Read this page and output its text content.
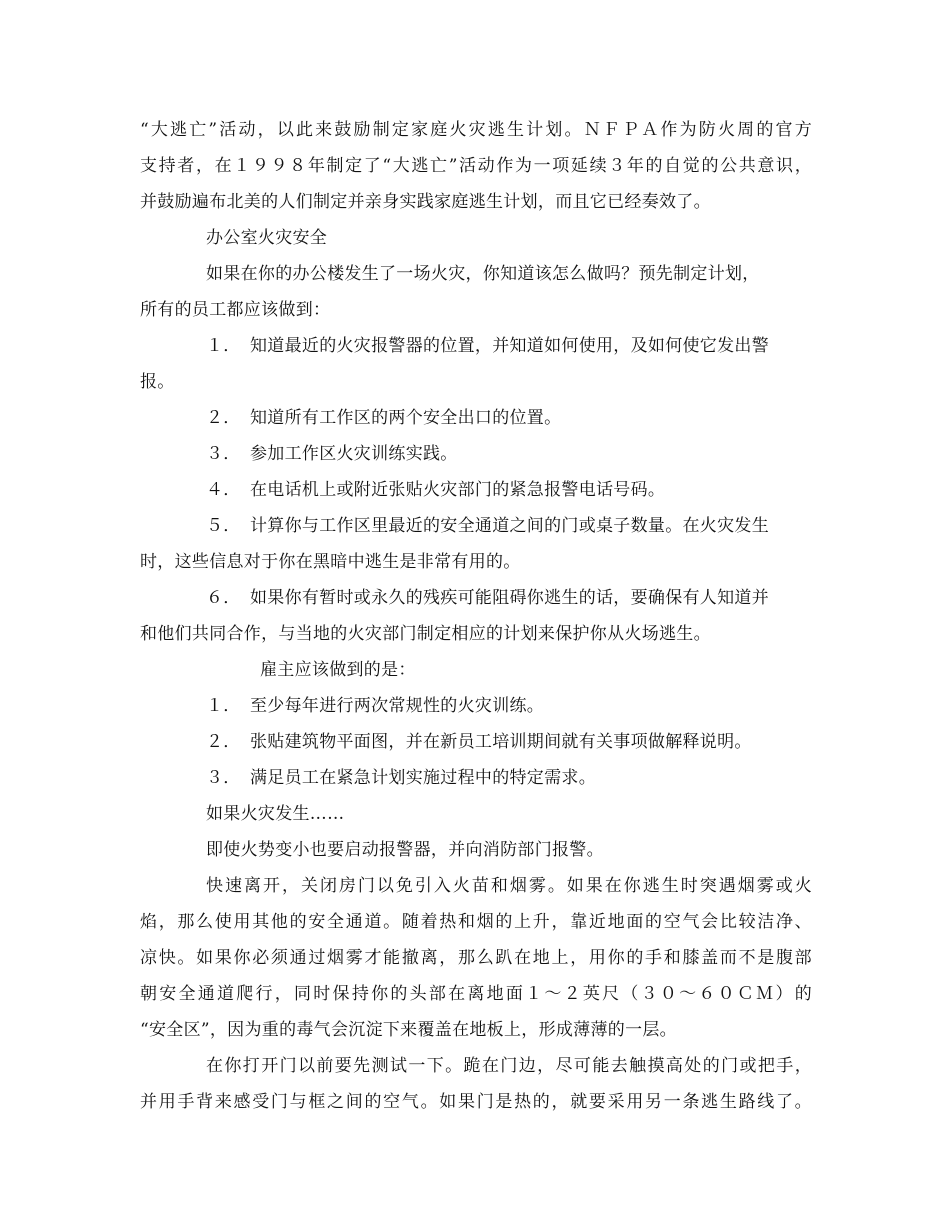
“大逃亡”活动，以此来鼓励制定家庭火灾逃生计划。ＮＦＰＡ作为防火周的官方
支持者，在１９９８年制定了“大逃亡”活动作为一项延续３年的自觉的公共意识，
并鼓励遍布北美的人们制定并亲身实践家庭逃生计划，而且它已经奏效了。
办公室火灾安全
如果在你的办公楼发生了一场火灾，你知道该怎么做吗？预先制定计划，
所有的员工都应该做到：
１． 知道最近的火灾报警器的位置，并知道如何使用，及如何使它发出警
报。
２． 知道所有工作区的两个安全出口的位置。
３． 参加工作区火灾训练实践。
４． 在电话机上或附近张贴火灾部门的紧急报警电话号码。
５． 计算你与工作区里最近的安全通道之间的门或桌子数量。在火灾发生
时，这些信息对于你在黑暗中逃生是非常有用的。
６． 如果你有暂时或永久的残疾可能阻碍你逃生的话，要确保有人知道并
和他们共同合作，与当地的火灾部门制定相应的计划来保护你从火场逃生。
雇主应该做到的是：
１． 至少每年进行两次常规性的火灾训练。
２． 张贴建筑物平面图，并在新员工培训期间就有关事项做解释说明。
３． 满足员工在紧急计划实施过程中的特定需求。
如果火灾发生……
即使火势变小也要启动报警器，并向消防部门报警。
快速离开，关闭房门以免引入火苗和烟雾。如果在你逃生时突遇烟雾或火
焰，那么使用其他的安全通道。随着热和烟的上升，靠近地面的空气会比较洁净、
凉快。如果你必须通过烟雾才能撤离，那么趴在地上，用你的手和膝盖而不是腹部
朝安全通道爬行，同时保持你的头部在离地面１～２英尺（３０～６０ＣＭ）的
“安全区”，因为重的毒气会沉淀下来覆盖在地板上，形成薄薄的一层。
在你打开门以前要先测试一下。跪在门边，尽可能去触摸高处的门或把手，
并用手背来感受门与框之间的空气。如果门是热的，就要采用另一条逃生路线了。
